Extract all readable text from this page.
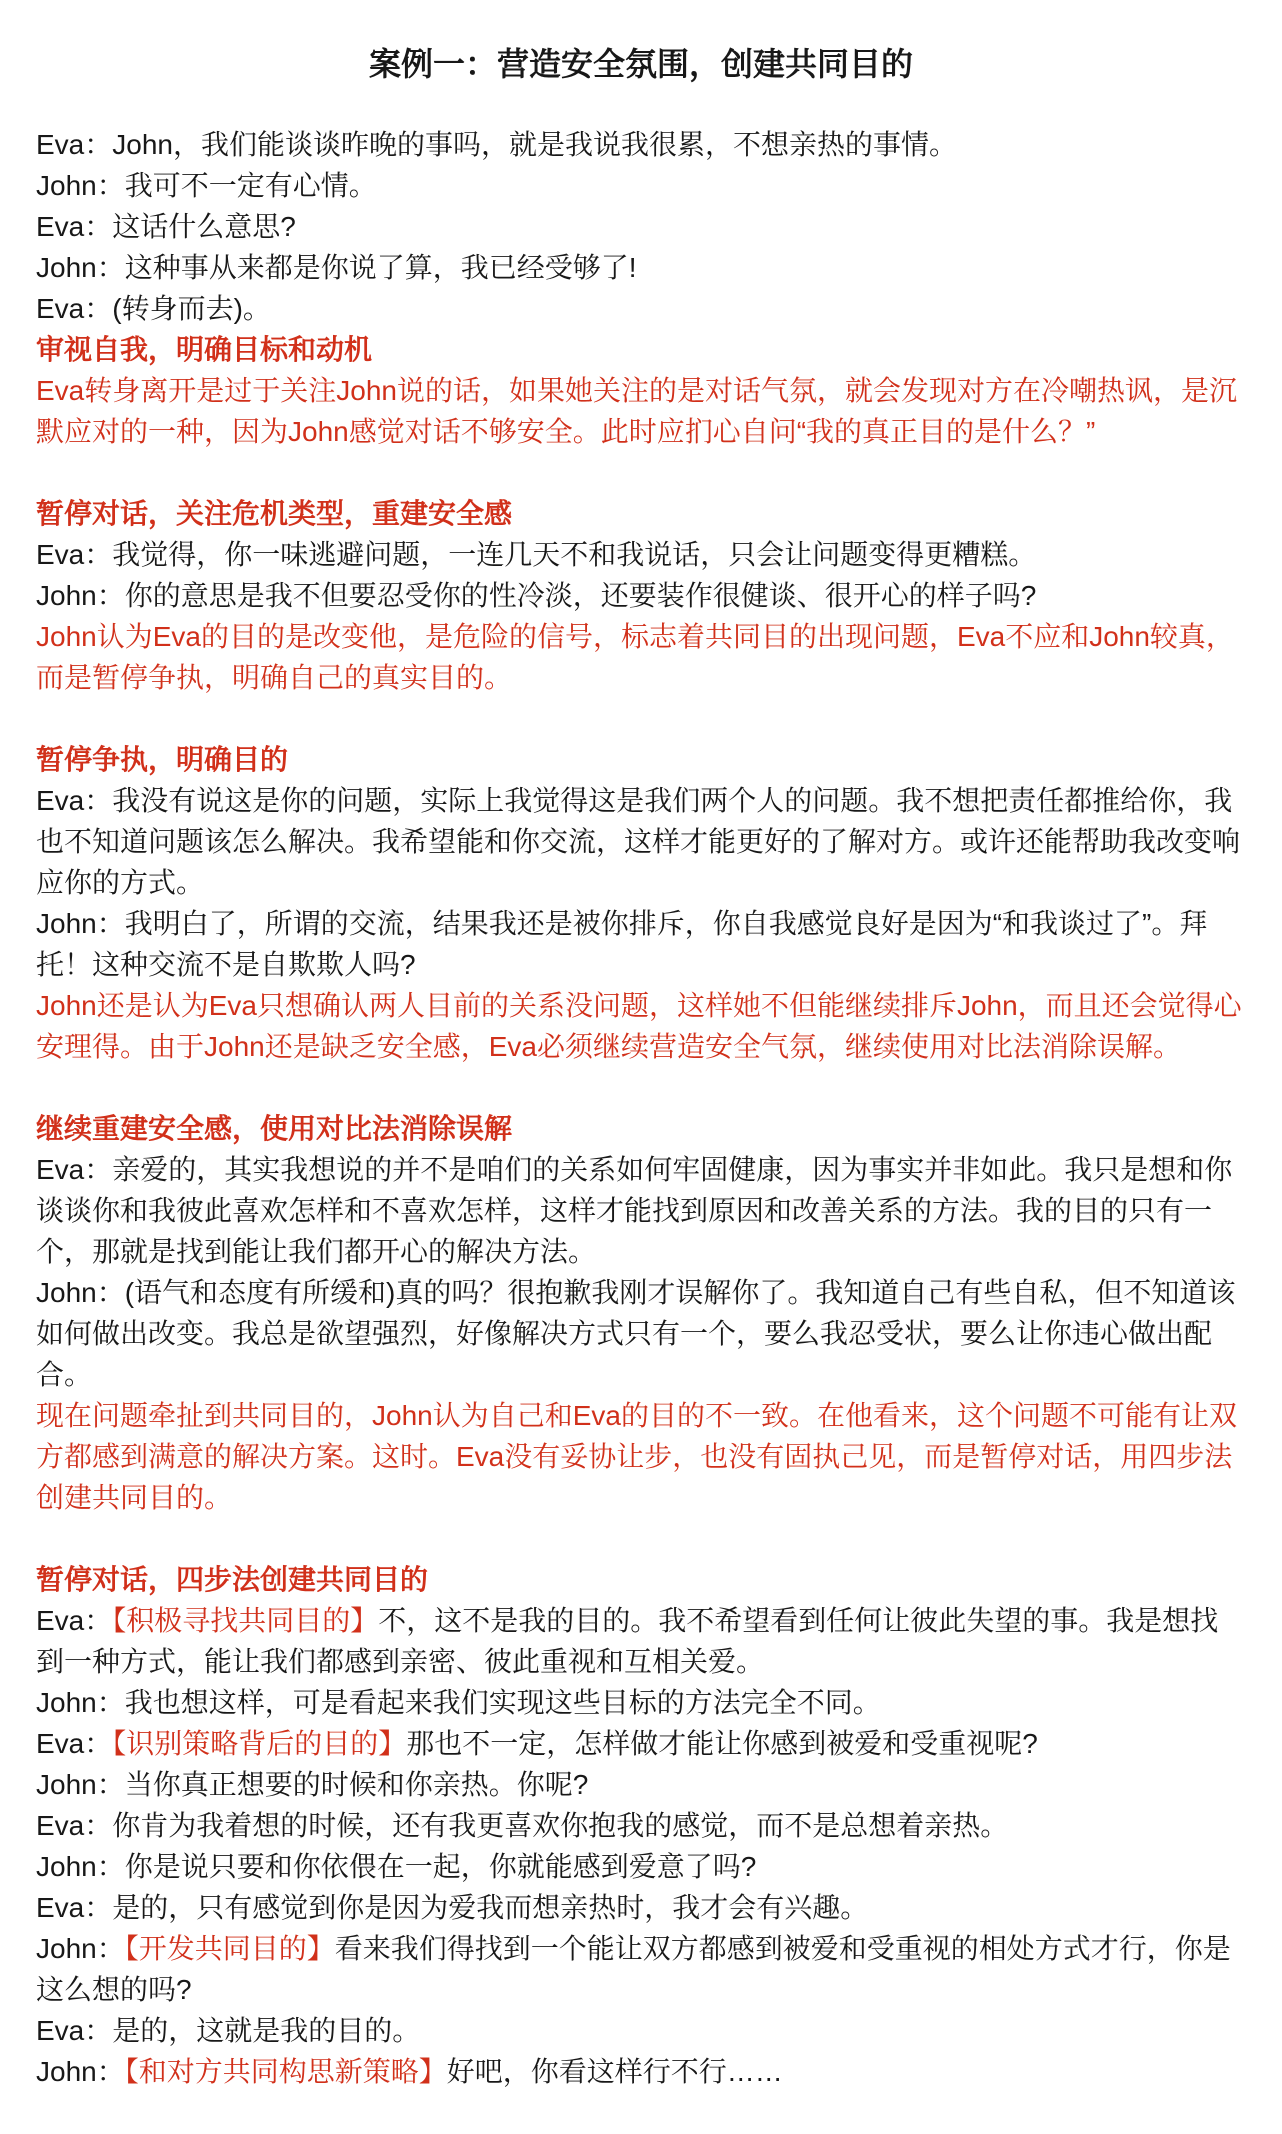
案例一：营造安全氛围，创建共同目的

Eva：John，我们能谈谈昨晚的事吗，就是我说我很累，不想亲热的事情。

John：我可不一定有心情。

Eva：这话什么意思?

John：这种事从来都是你说了算，我已经受够了!

Eva：(转身而去)。

审视自我，明确目标和动机

Eva转身离开是过于关注John说的话，如果她关注的是对话气氛，就会发现对方在冷嘲热讽，是沉默应对的一种，因为John感觉对话不够安全。此时应扪心自问“我的真正目的是什么？”

暂停对话，关注危机类型，重建安全感

Eva：我觉得，你一味逃避问题，一连几天不和我说话，只会让问题变得更糟糕。

John：你的意思是我不但要忍受你的性冷淡，还要装作很健谈、很开心的样子吗?

John认为Eva的目的是改变他，是危险的信号，标志着共同目的出现问题，Eva不应和John较真，而是暂停争执，明确自己的真实目的。

暂停争执，明确目的

Eva：我没有说这是你的问题，实际上我觉得这是我们两个人的问题。我不想把责任都推给你，我也不知道问题该怎么解决。我希望能和你交流，这样才能更好的了解对方。或许还能帮助我改变响应你的方式。

John：我明白了，所谓的交流，结果我还是被你排斥，你自我感觉良好是因为“和我谈过了”。拜托！这种交流不是自欺欺人吗?

John还是认为Eva只想确认两人目前的关系没问题，这样她不但能继续排斥John，而且还会觉得心安理得。由于John还是缺乏安全感，Eva必须继续营造安全气氛，继续使用对比法消除误解。

继续重建安全感，使用对比法消除误解

Eva：亲爱的，其实我想说的并不是咱们的关系如何牢固健康，因为事实并非如此。我只是想和你谈谈你和我彼此喜欢怎样和不喜欢怎样，这样才能找到原因和改善关系的方法。我的目的只有一个，那就是找到能让我们都开心的解决方法。

John：(语气和态度有所缓和)真的吗？很抱歉我刚才误解你了。我知道自己有些自私，但不知道该如何做出改变。我总是欲望强烈，好像解决方式只有一个，要么我忍受状，要么让你违心做出配合。

现在问题牵扯到共同目的，John认为自己和Eva的目的不一致。在他看来，这个问题不可能有让双方都感到满意的解决方案。这时。Eva没有妥协让步，也没有固执己见，而是暂停对话，用四步法创建共同目的。

暂停对话，四步法创建共同目的

Eva：【积极寻找共同目的】不，这不是我的目的。我不希望看到任何让彼此失望的事。我是想找到一种方式，能让我们都感到亲密、彼此重视和互相关爱。

John：我也想这样，可是看起来我们实现这些目标的方法完全不同。

Eva：【识别策略背后的目的】那也不一定，怎样做才能让你感到被爱和受重视呢?

John：当你真正想要的时候和你亲热。你呢?

Eva：你肯为我着想的时候，还有我更喜欢你抱我的感觉，而不是总想着亲热。

John：你是说只要和你依偎在一起，你就能感到爱意了吗?

Eva：是的，只有感觉到你是因为爱我而想亲热时，我才会有兴趣。

John：【开发共同目的】看来我们得找到一个能让双方都感到被爱和受重视的相处方式才行，你是这么想的吗?

Eva：是的，这就是我的目的。

John：【和对方共同构思新策略】好吧，你看这样行不行……
